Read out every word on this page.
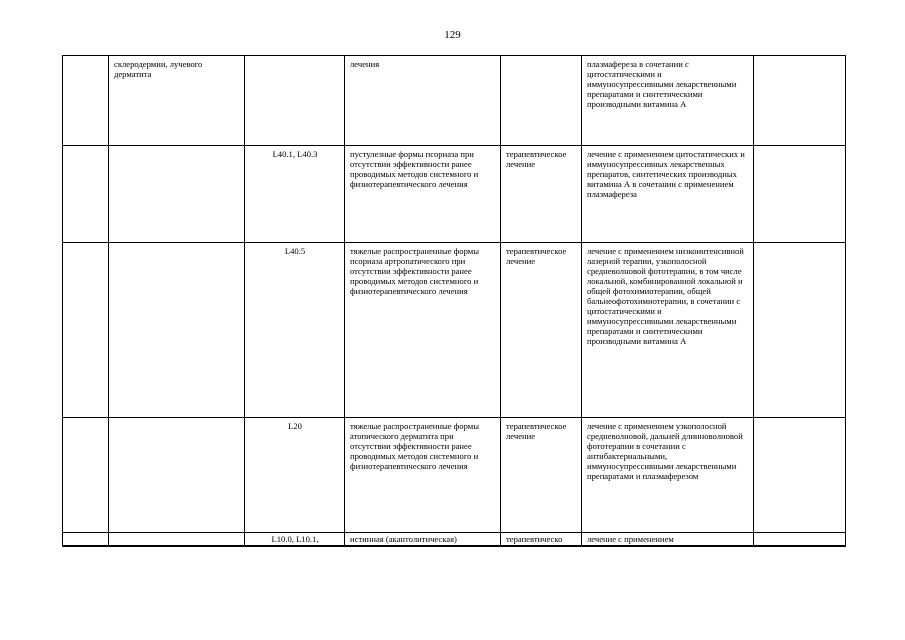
129
	склеродермии, лучевого дерматита		лечения		плазмафереза в сочетании с цитостатическими и иммуносупрессивными лекарственными препаратами и синтетическими производными витамина А	
		L40.1, L40.3	пустулезные формы псориаза при отсутствии эффективности ранее проводимых методов системного и физиотерапевтического лечения	терапевтическое лечение	лечение с применением цитостатических и иммуносупрессивных лекарственных препаратов, синтетических производных витамина А в сочетании с применением плазмафереза	
		L40.5	тяжелые распространенные формы псориаза артропатического при отсутствии эффективности ранее проводимых методов системного и физиотерапевтического лечения	терапевтическое лечение	лечение с применением низкоинтенсивной лазерной терапии, узкополосной средневолновой фототерапии, в том числе локальной, комбинированной локальной и общей фотохимиотерапии, общей бальнеофотохимиотерапии, в сочетании с цитостатическими и иммуносупрессивными лекарственными препаратами и синтетическими производными витамина А	
		L20	тяжелые распространенные формы атопического дерматита при отсутствии эффективности ранее проводимых методов системного и физиотерапевтического лечения	терапевтическое лечение	лечение с применением узкополосной средневолновой, дальней длинноволновой фототерапии в сочетании с антибактериальными, иммуносупрессивными лекарственными препаратами и плазмаферезом	
		L10.0, L10.1,	истинная (акантолитическая)	терапевтическо	лечение с применением	
